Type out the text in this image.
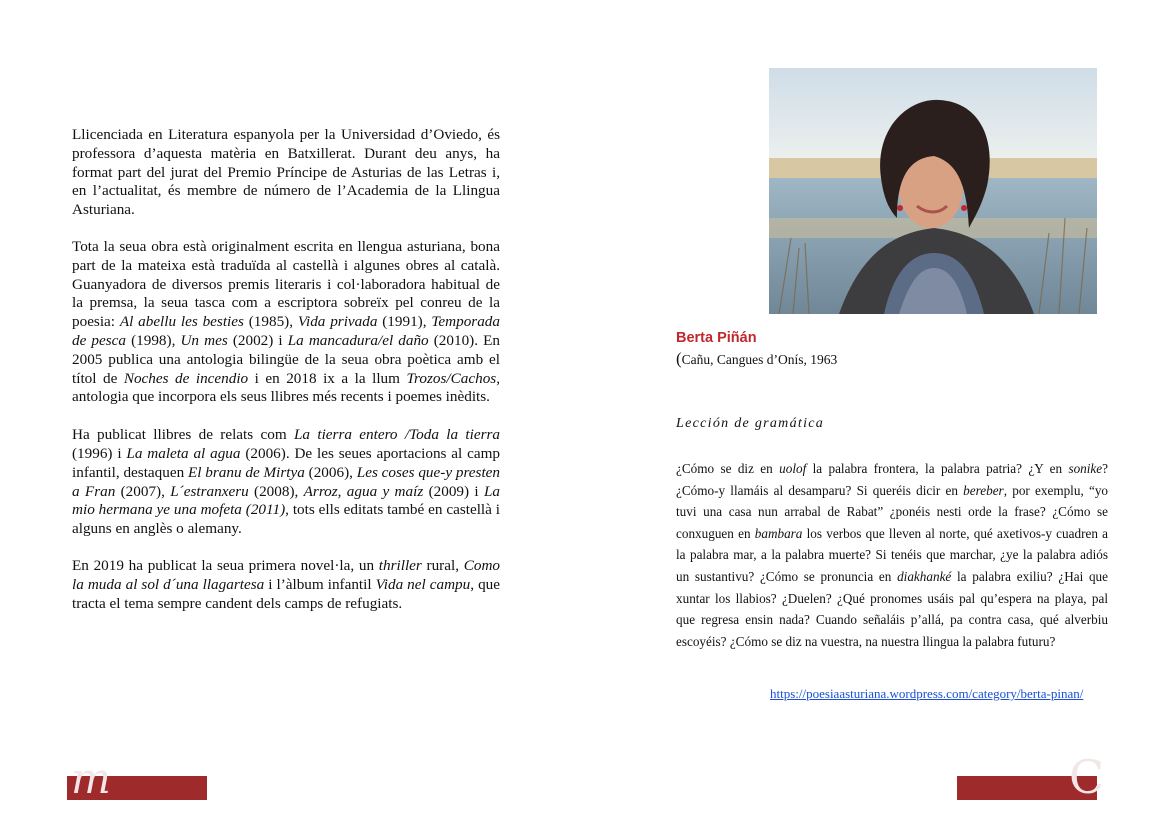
Llicenciada en Literatura espanyola per la Universidad d’Oviedo, és professora d’aquesta matèria en Batxillerat. Durant deu anys, ha format part del jurat del Premio Príncipe de Asturias de las Letras i, en l’actualitat, és membre de número de l’Academia de la Llingua Asturiana.

Tota la seua obra està originalment escrita en llengua asturiana, bona part de la mateixa està traduïda al castellà i algunes obres al català. Guanyadora de diversos premis literaris i col·laboradora habitual de la premsa, la seua tasca com a escriptora sobreïx pel conreu de la poesia: Al abellu les besties (1985), Vida privada (1991), Temporada de pesca (1998), Un mes (2002) i La mancadura/el daño (2010). En 2005 publica una antologia bilingüe de la seua obra poètica amb el títol de Noches de incendio i en 2018 ix a la llum Trozos/Cachos, antologia que incorpora els seus llibres més recents i poemes inèdits.

Ha publicat llibres de relats com La tierra entero /Toda la tierra (1996) i La maleta al agua (2006). De les seues aportacions al camp infantil, destaquen El branu de Mirtya (2006), Les coses que-y presten a Fran (2007), L´estranxeru (2008), Arroz, agua y maíz (2009) i La mio hermana ye una mofeta (2011), tots ells editats també en castellà i alguns en anglès o alemany.

En 2019 ha publicat la seua primera novel·la, un thriller rural, Como la muda al sol d´una llagartesa i l’àlbum infantil Vida nel campu, que tracta el tema sempre candent dels camps de refugiats.

m
Berta Piñán
(Cañu, Cangues d’Onís, 1963
Lección de gramática
¿Cómo se diz en uolof la palabra frontera, la palabra patria? ¿Y en sonike? ¿Cómo-y llamáis al desamparu? Si queréis dicir en bereber, por exemplu, “yo tuvi una casa nun arrabal de Rabat” ¿ponéis nesti orde la frase? ¿Cómo se conxuguen en bambara los verbos que lleven al norte, qué axetivos-y cuadren a la palabra mar, a la palabra muerte? Si tenéis que marchar, ¿ye la palabra adiós un sustantivu? ¿Cómo se pronuncia en diakhanké la palabra exiliu? ¿Hai que xuntar los llabios? ¿Duelen? ¿Qué pronomes usáis pal qu’espera na playa, pal que regresa ensin nada? Cuando señaláis p’allá, pa contra casa, qué alverbiu escoyéis? ¿Cómo se diz na vuestra, na nuestra llingua la palabra futuru?
https://poesiaasturiana.wordpress.com/category/berta-pinan/
C
